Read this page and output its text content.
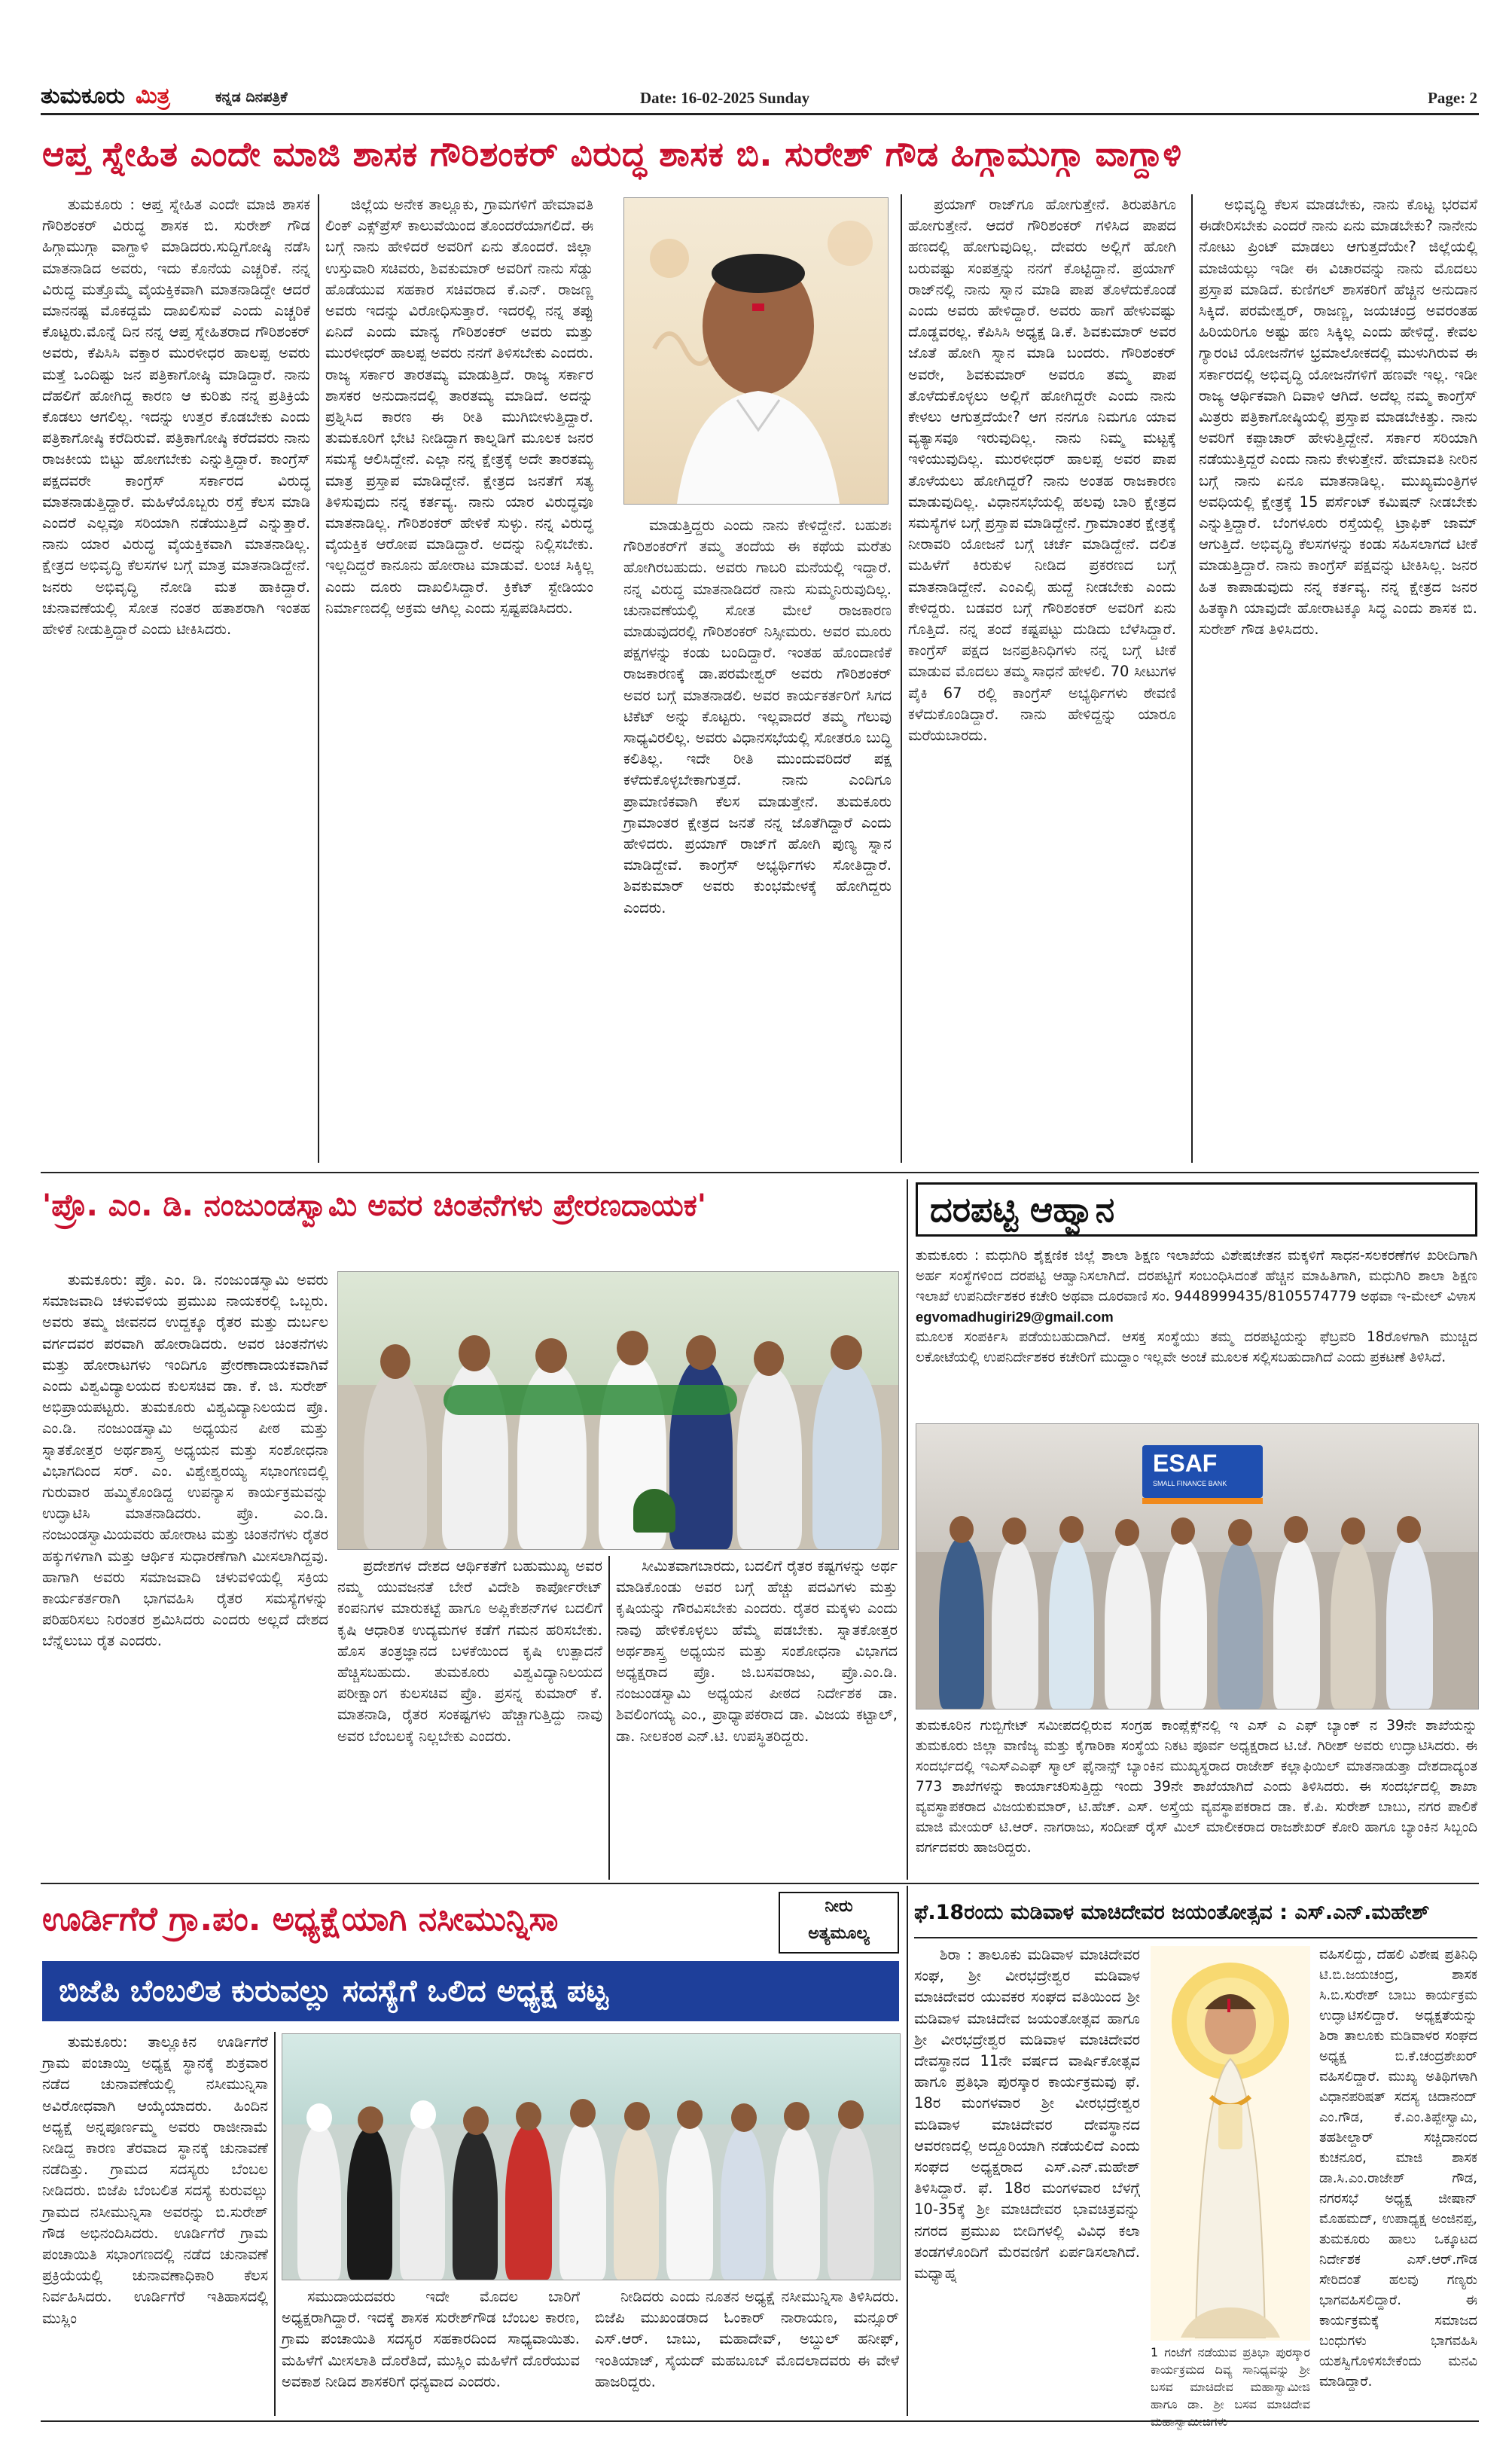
ತುಮಕೂರು ಮಿತ್ರ	ಕನ್ನಡ ದಿನಪತ್ರಿಕೆ	Date: 16-02-2025 Sunday	Page: 2
ಆಪ್ತ ಸ್ನೇಹಿತ ಎಂದೇ ಮಾಜಿ ಶಾಸಕ ಗೌರಿಶಂಕರ್ ವಿರುದ್ಧ ಶಾಸಕ ಬಿ. ಸುರೇಶ್ ಗೌಡ ಹಿಗ್ಗಾಮುಗ್ಗಾ ವಾಗ್ದಾಳಿ

ತುಮಕೂರು : ಆಪ್ತ ಸ್ನೇಹಿತ ಎಂದೇ ಮಾಜಿ ಶಾಸಕ ಗೌರಿಶಂಕರ್ ವಿರುದ್ಧ ಶಾಸಕ ಬಿ. ಸುರೇಶ್ ಗೌಡ ಹಿಗ್ಗಾಮುಗ್ಗಾ ವಾಗ್ದಾಳಿ ಮಾಡಿದರು.ಸುದ್ದಿಗೋಷ್ಠಿ ನಡೆಸಿ ಮಾತನಾಡಿದ ಅವರು, ಇದು ಕೊನೆಯ ಎಚ್ಚರಿಕೆ. ನನ್ನ ವಿರುದ್ಧ ಮತ್ತೊಮ್ಮೆ ವೈಯಕ್ತಿಕವಾಗಿ ಮಾತನಾಡಿದ್ದೇ ಆದರೆ ಮಾನನಷ್ಟ ಮೊಕದ್ದಮೆ ದಾಖಲಿಸುವೆ ಎಂದು ಎಚ್ಚರಿಕೆ ಕೊಟ್ಟರು.ಮೊನ್ನೆ ದಿನ ನನ್ನ ಆಪ್ತ ಸ್ನೇಹಿತರಾದ ಗೌರಿಶಂಕರ್ ಅವರು, ಕೆಪಿಸಿಸಿ ವಕ್ತಾರ ಮುರಳೀಧರ ಹಾಲಪ್ಪ ಅವರು ಮತ್ತೆ ಒಂದಿಷ್ಟು ಜನ ಪತ್ರಿಕಾಗೋಷ್ಠಿ ಮಾಡಿದ್ದಾರೆ. ನಾನು ದೆಹಲಿಗೆ ಹೋಗಿದ್ದ ಕಾರಣ ಆ ಕುರಿತು ನನ್ನ ಪ್ರತಿಕ್ರಿಯೆ ಕೊಡಲು ಆಗಲಿಲ್ಲ. ಇದನ್ನು ಉತ್ತರ ಕೊಡಬೇಕು ಎಂದು ಪತ್ರಿಕಾಗೋಷ್ಠಿ ಕರೆದಿರುವೆ. ಪತ್ರಿಕಾಗೋಷ್ಠಿ ಕರೆದವರು ನಾನು ರಾಜಕೀಯ ಬಿಟ್ಟು ಹೋಗಬೇಕು ಎನ್ನುತ್ತಿದ್ದಾರೆ. ಕಾಂಗ್ರೆಸ್ ಪಕ್ಷದವರೇ ಕಾಂಗ್ರೆಸ್ ಸರ್ಕಾರದ ವಿರುದ್ಧ ಮಾತನಾಡುತ್ತಿದ್ದಾರೆ. ಮಹಿಳೆಯೊಬ್ಬರು ರಸ್ತೆ ಕೆಲಸ ಮಾಡಿ ಎಂದರೆ ಎಲ್ಲವೂ ಸರಿಯಾಗಿ ನಡೆಯುತ್ತಿದೆ ಎನ್ನುತ್ತಾರೆ. ನಾನು ಯಾರ ವಿರುದ್ಧ ವೈಯಕ್ತಿಕವಾಗಿ ಮಾತನಾಡಿಲ್ಲ. ಕ್ಷೇತ್ರದ ಅಭಿವೃದ್ಧಿ ಕೆಲಸಗಳ ಬಗ್ಗೆ ಮಾತ್ರ ಮಾತನಾಡಿದ್ದೇನೆ. ಜನರು ಅಭಿವೃದ್ಧಿ ನೋಡಿ ಮತ ಹಾಕಿದ್ದಾರೆ. ಚುನಾವಣೆಯಲ್ಲಿ ಸೋತ ನಂತರ ಹತಾಶರಾಗಿ ಇಂತಹ ಹೇಳಿಕೆ ನೀಡುತ್ತಿದ್ದಾರೆ ಎಂದು ಟೀಕಿಸಿದರು.

ಜಿಲ್ಲೆಯ ಅನೇಕ ತಾಲ್ಲೂಕು, ಗ್ರಾಮಗಳಿಗೆ ಹೇಮಾವತಿ ಲಿಂಕ್ ಎಕ್ಸ್‌ಪ್ರೆಸ್ ಕಾಲುವೆಯಿಂದ ತೊಂದರೆಯಾಗಲಿದೆ. ಈ ಬಗ್ಗೆ ನಾನು ಹೇಳಿದರೆ ಅವರಿಗೆ ಏನು ತೊಂದರೆ. ಜಿಲ್ಲಾ ಉಸ್ತುವಾರಿ ಸಚಿವರು, ಶಿವಕುಮಾರ್ ಅವರಿಗೆ ನಾನು ಸೆಡ್ಡು ಹೊಡೆಯುವ ಸಹಕಾರ ಸಚಿವರಾದ ಕೆ.ಎನ್. ರಾಜಣ್ಣ ಅವರು ಇದನ್ನು ವಿರೋಧಿಸುತ್ತಾರೆ. ಇದರಲ್ಲಿ ನನ್ನ ತಪ್ಪು ಏನಿದೆ ಎಂದು ಮಾನ್ಯ ಗೌರಿಶಂಕರ್ ಅವರು ಮತ್ತು ಮುರಳೀಧರ್ ಹಾಲಪ್ಪ ಅವರು ನನಗೆ ತಿಳಿಸಬೇಕು ಎಂದರು. ರಾಜ್ಯ ಸರ್ಕಾರ ತಾರತಮ್ಯ ಮಾಡುತ್ತಿದೆ. ರಾಜ್ಯ ಸರ್ಕಾರ ಶಾಸಕರ ಅನುದಾನದಲ್ಲಿ ತಾರತಮ್ಯ ಮಾಡಿದೆ. ಅದನ್ನು ಪ್ರಶ್ನಿಸಿದ ಕಾರಣ ಈ ರೀತಿ ಮುಗಿಬೀಳುತ್ತಿದ್ದಾರೆ. ತುಮಕೂರಿಗೆ ಭೇಟಿ ನೀಡಿದ್ದಾಗ ಕಾಲ್ನಡಿಗೆ ಮೂಲಕ ಜನರ ಸಮಸ್ಯೆ ಆಲಿಸಿದ್ದೇನೆ. ಎಲ್ಲಾ ನನ್ನ ಕ್ಷೇತ್ರಕ್ಕೆ ಅದೇ ತಾರತಮ್ಯ ಮಾತ್ರ ಪ್ರಸ್ತಾಪ ಮಾಡಿದ್ದೇನೆ. ಕ್ಷೇತ್ರದ ಜನತೆಗೆ ಸತ್ಯ ತಿಳಿಸುವುದು ನನ್ನ ಕರ್ತವ್ಯ. ನಾನು ಯಾರ ವಿರುದ್ಧವೂ ಮಾತನಾಡಿಲ್ಲ. ಗೌರಿಶಂಕರ್ ಹೇಳಿಕೆ ಸುಳ್ಳು. ನನ್ನ ವಿರುದ್ಧ ವೈಯಕ್ತಿಕ ಆರೋಪ ಮಾಡಿದ್ದಾರೆ. ಅದನ್ನು ನಿಲ್ಲಿಸಬೇಕು. ಇಲ್ಲದಿದ್ದರೆ ಕಾನೂನು ಹೋರಾಟ ಮಾಡುವೆ. ಲಂಚ ಸಿಕ್ಕಿಲ್ಲ ಎಂದು ದೂರು ದಾಖಲಿಸಿದ್ದಾರೆ. ಕ್ರಿಕೆಟ್ ಸ್ಟೇಡಿಯಂ ನಿರ್ಮಾಣದಲ್ಲಿ ಅಕ್ರಮ ಆಗಿಲ್ಲ ಎಂದು ಸ್ಪಷ್ಟಪಡಿಸಿದರು.

ಮಾಡುತ್ತಿದ್ದರು ಎಂದು ನಾನು ಕೇಳಿದ್ದೇನೆ. ಬಹುಶಃ ಗೌರಿಶಂಕರ್‌ಗೆ ತಮ್ಮ ತಂದೆಯ ಈ ಕಥೆಯ ಮರೆತು ಹೋಗಿರಬಹುದು. ಅವರು ಗಾಬರಿ ಮನೆಯಲ್ಲಿ ಇದ್ದಾರೆ. ನನ್ನ ವಿರುದ್ಧ ಮಾತನಾಡಿದರೆ ನಾನು ಸುಮ್ಮನಿರುವುದಿಲ್ಲ. ಚುನಾವಣೆಯಲ್ಲಿ ಸೋತ ಮೇಲೆ ರಾಜಕಾರಣ ಮಾಡುವುದರಲ್ಲಿ ಗೌರಿಶಂಕರ್ ನಿಸ್ಸೀಮರು. ಅವರ ಮೂರು ಪಕ್ಷಗಳನ್ನು ಕಂಡು ಬಂದಿದ್ದಾರೆ. ಇಂತಹ ಹೊಂದಾಣಿಕೆ ರಾಜಕಾರಣಕ್ಕೆ ಡಾ.ಪರಮೇಶ್ವರ್ ಅವರು ಗೌರಿಶಂಕರ್ ಅವರ ಬಗ್ಗೆ ಮಾತನಾಡಲಿ. ಅವರ ಕಾರ್ಯಕರ್ತರಿಗೆ ಸಿಗದ ಟಿಕೆಟ್ ಅನ್ನು ಕೊಟ್ಟರು. ಇಲ್ಲವಾದರೆ ತಮ್ಮ ಗೆಲುವು ಸಾಧ್ಯವಿರಲಿಲ್ಲ. ಅವರು ವಿಧಾನಸಭೆಯಲ್ಲಿ ಸೋತರೂ ಬುದ್ಧಿ ಕಲಿತಿಲ್ಲ. ಇದೇ ರೀತಿ ಮುಂದುವರಿದರೆ ಪಕ್ಷ ಕಳೆದುಕೊಳ್ಳಬೇಕಾಗುತ್ತದೆ. ನಾನು ಎಂದಿಗೂ ಪ್ರಾಮಾಣಿಕವಾಗಿ ಕೆಲಸ ಮಾಡುತ್ತೇನೆ. ತುಮಕೂರು ಗ್ರಾಮಾಂತರ ಕ್ಷೇತ್ರದ ಜನತೆ ನನ್ನ ಜೊತೆಗಿದ್ದಾರೆ ಎಂದು ಹೇಳಿದರು. ಪ್ರಯಾಗ್ ರಾಜ್‌ಗೆ ಹೋಗಿ ಪುಣ್ಯ ಸ್ನಾನ ಮಾಡಿದ್ದೇವೆ. ಕಾಂಗ್ರೆಸ್ ಅಭ್ಯರ್ಥಿಗಳು ಸೋತಿದ್ದಾರೆ. ಶಿವಕುಮಾರ್ ಅವರು ಕುಂಭಮೇಳಕ್ಕೆ ಹೋಗಿದ್ದರು ಎಂದರು.

ಪ್ರಯಾಗ್ ರಾಜ್‌ಗೂ ಹೋಗುತ್ತೇನೆ. ತಿರುಪತಿಗೂ ಹೋಗುತ್ತೇನೆ. ಆದರೆ ಗೌರಿಶಂಕರ್ ಗಳಿಸಿದ ಪಾಪದ ಹಣದಲ್ಲಿ ಹೋಗುವುದಿಲ್ಲ. ದೇವರು ಅಲ್ಲಿಗೆ ಹೋಗಿ ಬರುವಷ್ಟು ಸಂಪತ್ತನ್ನು ನನಗೆ ಕೊಟ್ಟಿದ್ದಾನೆ. ಪ್ರಯಾಗ್ ರಾಜ್‌ನಲ್ಲಿ ನಾನು ಸ್ನಾನ ಮಾಡಿ ಪಾಪ ತೊಳೆದುಕೊಂಡೆ ಎಂದು ಅವರು ಹೇಳಿದ್ದಾರೆ. ಅವರು ಹಾಗೆ ಹೇಳುವಷ್ಟು ದೊಡ್ಡವರಲ್ಲ. ಕೆಪಿಸಿಸಿ ಅಧ್ಯಕ್ಷ ಡಿ.ಕೆ. ಶಿವಕುಮಾರ್ ಅವರ ಜೊತೆ ಹೋಗಿ ಸ್ನಾನ ಮಾಡಿ ಬಂದರು. ಗೌರಿಶಂಕರ್ ಅವರೇ, ಶಿವಕುಮಾರ್ ಅವರೂ ತಮ್ಮ ಪಾಪ ತೊಳೆದುಕೊಳ್ಳಲು ಅಲ್ಲಿಗೆ ಹೋಗಿದ್ದರೇ ಎಂದು ನಾನು ಕೇಳಲು ಆಗುತ್ತದೆಯೇ? ಆಗ ನನಗೂ ನಿಮಗೂ ಯಾವ ವ್ಯತ್ಯಾಸವೂ ಇರುವುದಿಲ್ಲ. ನಾನು ನಿಮ್ಮ ಮಟ್ಟಕ್ಕೆ ಇಳಿಯುವುದಿಲ್ಲ. ಮುರಳೀಧರ್ ಹಾಲಪ್ಪ ಅವರ ಪಾಪ ತೊಳೆಯಲು ಹೋಗಿದ್ದರೆ? ನಾನು ಅಂತಹ ರಾಜಕಾರಣ ಮಾಡುವುದಿಲ್ಲ. ವಿಧಾನಸಭೆಯಲ್ಲಿ ಹಲವು ಬಾರಿ ಕ್ಷೇತ್ರದ ಸಮಸ್ಯೆಗಳ ಬಗ್ಗೆ ಪ್ರಸ್ತಾಪ ಮಾಡಿದ್ದೇನೆ. ಗ್ರಾಮಾಂತರ ಕ್ಷೇತ್ರಕ್ಕೆ ನೀರಾವರಿ ಯೋಜನೆ ಬಗ್ಗೆ ಚರ್ಚೆ ಮಾಡಿದ್ದೇನೆ. ದಲಿತ ಮಹಿಳೆಗೆ ಕಿರುಕುಳ ನೀಡಿದ ಪ್ರಕರಣದ ಬಗ್ಗೆ ಮಾತನಾಡಿದ್ದೇನೆ. ಎಂಎಲ್ಸಿ ಹುದ್ದೆ ನೀಡಬೇಕು ಎಂದು ಕೇಳಿದ್ದರು. ಬಡವರ ಬಗ್ಗೆ ಗೌರಿಶಂಕರ್ ಅವರಿಗೆ ಏನು ಗೊತ್ತಿದೆ. ನನ್ನ ತಂದೆ ಕಷ್ಟಪಟ್ಟು ದುಡಿದು ಬೆಳೆಸಿದ್ದಾರೆ. ಕಾಂಗ್ರೆಸ್ ಪಕ್ಷದ ಜನಪ್ರತಿನಿಧಿಗಳು ನನ್ನ ಬಗ್ಗೆ ಟೀಕೆ ಮಾಡುವ ಮೊದಲು ತಮ್ಮ ಸಾಧನೆ ಹೇಳಲಿ. 70 ಸೀಟುಗಳ ಪೈಕಿ 67 ರಲ್ಲಿ ಕಾಂಗ್ರೆಸ್ ಅಭ್ಯರ್ಥಿಗಳು ಠೇವಣಿ ಕಳೆದುಕೊಂಡಿದ್ದಾರೆ. ನಾನು ಹೇಳಿದ್ದನ್ನು ಯಾರೂ ಮರೆಯಬಾರದು.

ಅಭಿವೃದ್ಧಿ ಕೆಲಸ ಮಾಡಬೇಕು, ನಾನು ಕೊಟ್ಟ ಭರವಸೆ ಈಡೇರಿಸಬೇಕು ಎಂದರೆ ನಾನು ಏನು ಮಾಡಬೇಕು? ನಾನೇನು ನೋಟು ಪ್ರಿಂಟ್ ಮಾಡಲು ಆಗುತ್ತದೆಯೇ? ಜಿಲ್ಲೆಯಲ್ಲಿ ಮಾಜಿಯಲ್ಲು ಇಡೀ ಈ ವಿಚಾರವನ್ನು ನಾನು ಮೊದಲು ಪ್ರಸ್ತಾಪ ಮಾಡಿದೆ. ಕುಣಿಗಲ್ ಶಾಸಕರಿಗೆ ಹೆಚ್ಚಿನ ಅನುದಾನ ಸಿಕ್ಕಿದೆ. ಪರಮೇಶ್ವರ್, ರಾಜಣ್ಣ, ಜಯಚಂದ್ರ ಅವರಂತಹ ಹಿರಿಯರಿಗೂ ಅಷ್ಟು ಹಣ ಸಿಕ್ಕಿಲ್ಲ ಎಂದು ಹೇಳಿದ್ದೆ. ಕೇವಲ ಗ್ಯಾರಂಟಿ ಯೋಜನೆಗಳ ಭ್ರಮಾಲೋಕದಲ್ಲಿ ಮುಳುಗಿರುವ ಈ ಸರ್ಕಾರದಲ್ಲಿ ಅಭಿವೃದ್ಧಿ ಯೋಜನೆಗಳಿಗೆ ಹಣವೇ ಇಲ್ಲ. ಇಡೀ ರಾಜ್ಯ ಆರ್ಥಿಕವಾಗಿ ದಿವಾಳಿ ಆಗಿದೆ. ಅದೆಲ್ಲ ನಮ್ಮ ಕಾಂಗ್ರೆಸ್ ಮಿತ್ರರು ಪತ್ರಿಕಾಗೋಷ್ಠಿಯಲ್ಲಿ ಪ್ರಸ್ತಾಪ ಮಾಡಬೇಕಿತ್ತು. ನಾನು ಅವರಿಗೆ ಕಪ್ಪಾಚಾರ್ ಹೇಳುತ್ತಿದ್ದೇನೆ. ಸರ್ಕಾರ ಸರಿಯಾಗಿ ನಡೆಯುತ್ತಿದ್ದರೆ ಎಂದು ನಾನು ಕೇಳುತ್ತೇನೆ. ಹೇಮಾವತಿ ನೀರಿನ ಬಗ್ಗೆ ನಾನು ಏನೂ ಮಾತನಾಡಿಲ್ಲ. ಮುಖ್ಯಮಂತ್ರಿಗಳ ಅವಧಿಯಲ್ಲಿ ಕ್ಷೇತ್ರಕ್ಕೆ 15 ಪರ್ಸೆಂಟ್ ಕಮಿಷನ್ ನೀಡಬೇಕು ಎನ್ನುತ್ತಿದ್ದಾರೆ. ಬೆಂಗಳೂರು ರಸ್ತೆಯಲ್ಲಿ ಟ್ರಾಫಿಕ್ ಜಾಮ್ ಆಗುತ್ತಿದೆ. ಅಭಿವೃದ್ಧಿ ಕೆಲಸಗಳನ್ನು ಕಂಡು ಸಹಿಸಲಾಗದೆ ಟೀಕೆ ಮಾಡುತ್ತಿದ್ದಾರೆ. ನಾನು ಕಾಂಗ್ರೆಸ್ ಪಕ್ಷವನ್ನು ಟೀಕಿಸಿಲ್ಲ. ಜನರ ಹಿತ ಕಾಪಾಡುವುದು ನನ್ನ ಕರ್ತವ್ಯ. ನನ್ನ ಕ್ಷೇತ್ರದ ಜನರ ಹಿತಕ್ಕಾಗಿ ಯಾವುದೇ ಹೋರಾಟಕ್ಕೂ ಸಿದ್ಧ ಎಂದು ಶಾಸಕ ಬಿ. ಸುರೇಶ್ ಗೌಡ ತಿಳಿಸಿದರು.

'ಪ್ರೊ. ಎಂ. ಡಿ. ನಂಜುಂಡಸ್ವಾಮಿ ಅವರ ಚಿಂತನೆಗಳು ಪ್ರೇರಣದಾಯಕ'

ತುಮಕೂರು: ಪ್ರೊ. ಎಂ. ಡಿ. ನಂಜುಂಡಸ್ವಾಮಿ ಅವರು ಸಮಾಜವಾದಿ ಚಳುವಳಿಯ ಪ್ರಮುಖ ನಾಯಕರಲ್ಲಿ ಒಬ್ಬರು. ಅವರು ತಮ್ಮ ಜೀವನದ ಉದ್ದಕ್ಕೂ ರೈತರ ಮತ್ತು ದುರ್ಬಲ ವರ್ಗದವರ ಪರವಾಗಿ ಹೋರಾಡಿದರು. ಅವರ ಚಿಂತನೆಗಳು ಮತ್ತು ಹೋರಾಟಗಳು ಇಂದಿಗೂ ಪ್ರೇರಣಾದಾಯಕವಾಗಿವೆ ಎಂದು ವಿಶ್ವವಿದ್ಯಾಲಯದ ಕುಲಸಚಿವ ಡಾ. ಕೆ. ಜಿ. ಸುರೇಶ್ ಅಭಿಪ್ರಾಯಪಟ್ಟರು. ತುಮಕೂರು ವಿಶ್ವವಿದ್ಯಾನಿಲಯದ ಪ್ರೊ. ಎಂ.ಡಿ. ನಂಜುಂಡಸ್ವಾಮಿ ಅಧ್ಯಯನ ಪೀಠ ಮತ್ತು ಸ್ನಾತಕೋತ್ತರ ಅರ್ಥಶಾಸ್ತ್ರ ಅಧ್ಯಯನ ಮತ್ತು ಸಂಶೋಧನಾ ವಿಭಾಗದಿಂದ ಸರ್. ಎಂ. ವಿಶ್ವೇಶ್ವರಯ್ಯ ಸಭಾಂಗಣದಲ್ಲಿ ಗುರುವಾರ ಹಮ್ಮಿಕೊಂಡಿದ್ದ ಉಪನ್ಯಾಸ ಕಾರ್ಯಕ್ರಮವನ್ನು ಉದ್ಘಾಟಿಸಿ ಮಾತನಾಡಿದರು. ಪ್ರೊ. ಎಂ.ಡಿ. ನಂಜುಂಡಸ್ವಾಮಿಯವರು ಹೋರಾಟ ಮತ್ತು ಚಿಂತನೆಗಳು ರೈತರ ಹಕ್ಕುಗಳಿಗಾಗಿ ಮತ್ತು ಆರ್ಥಿಕ ಸುಧಾರಣೆಗಾಗಿ ಮೀಸಲಾಗಿದ್ದವು. ಹಾಗಾಗಿ ಅವರು ಸಮಾಜವಾದಿ ಚಳುವಳಿಯಲ್ಲಿ ಸಕ್ರಿಯ ಕಾರ್ಯಕರ್ತರಾಗಿ ಭಾಗವಹಿಸಿ ರೈತರ ಸಮಸ್ಯೆಗಳನ್ನು ಪರಿಹರಿಸಲು ನಿರಂತರ ಶ್ರಮಿಸಿದರು ಎಂದರು ಅಲ್ಲದೆ ದೇಶದ ಬೆನ್ನೆಲುಬು ರೈತ ಎಂದರು.

ಪ್ರದೇಶಗಳ ದೇಶದ ಆರ್ಥಿಕತೆಗೆ ಬಹುಮುಖ್ಯ ಅವರ ನಮ್ಮ ಯುವಜನತೆ ಬೇರೆ ವಿದೇಶಿ ಕಾರ್ಪೋರೇಟ್ ಕಂಪನಿಗಳ ಮಾರುಕಟ್ಟೆ ಹಾಗೂ ಅಪ್ಲಿಕೇಶನ್‌ಗಳ ಬದಲಿಗೆ ಕೃಷಿ ಆಧಾರಿತ ಉದ್ಯಮಗಳ ಕಡೆಗೆ ಗಮನ ಹರಿಸಬೇಕು. ಹೊಸ ತಂತ್ರಜ್ಞಾನದ ಬಳಕೆಯಿಂದ ಕೃಷಿ ಉತ್ಪಾದನೆ ಹೆಚ್ಚಿಸಬಹುದು. ತುಮಕೂರು ವಿಶ್ವವಿದ್ಯಾನಿಲಯದ ಪರೀಕ್ಷಾಂಗ ಕುಲಸಚಿವ ಪ್ರೊ. ಪ್ರಸನ್ನ ಕುಮಾರ್ ಕೆ. ಮಾತನಾಡಿ, ರೈತರ ಸಂಕಷ್ಟಗಳು ಹೆಚ್ಚಾಗುತ್ತಿದ್ದು ನಾವು ಅವರ ಬೆಂಬಲಕ್ಕೆ ನಿಲ್ಲಬೇಕು ಎಂದರು.

ಸೀಮಿತವಾಗಬಾರದು, ಬದಲಿಗೆ ರೈತರ ಕಷ್ಟಗಳನ್ನು ಅರ್ಥ ಮಾಡಿಕೊಂಡು ಅವರ ಬಗ್ಗೆ ಹೆಚ್ಚು ಪದವಿಗಳು ಮತ್ತು ಕೃಷಿಯನ್ನು ಗೌರವಿಸಬೇಕು ಎಂದರು. ರೈತರ ಮಕ್ಕಳು ಎಂದು ನಾವು ಹೇಳಿಕೊಳ್ಳಲು ಹೆಮ್ಮೆ ಪಡಬೇಕು. ಸ್ನಾತಕೋತ್ತರ ಅರ್ಥಶಾಸ್ತ್ರ ಅಧ್ಯಯನ ಮತ್ತು ಸಂಶೋಧನಾ ವಿಭಾಗದ ಅಧ್ಯಕ್ಷರಾದ ಪ್ರೊ. ಜಿ.ಬಸವರಾಜು, ಪ್ರೊ.ಎಂ.ಡಿ. ನಂಜುಂಡಸ್ವಾಮಿ ಅಧ್ಯಯನ ಪೀಠದ ನಿರ್ದೇಶಕ ಡಾ. ಶಿವಲಿಂಗಯ್ಯ ಎಂ., ಪ್ರಾಧ್ಯಾಪಕರಾದ ಡಾ. ವಿಜಯ ಕಟ್ಟಾಲ್, ಡಾ. ನೀಲಕಂಠ ಎನ್.ಟಿ. ಉಪಸ್ಥಿತರಿದ್ದರು.

ದರಪಟ್ಟಿ ಆಹ್ವಾನ

ತುಮಕೂರು : ಮಧುಗಿರಿ ಶೈಕ್ಷಣಿಕ ಜಿಲ್ಲೆ ಶಾಲಾ ಶಿಕ್ಷಣ ಇಲಾಖೆಯ ವಿಶೇಷಚೇತನ ಮಕ್ಕಳಿಗೆ ಸಾಧನ-ಸಲಕರಣೆಗಳ ಖರೀದಿಗಾಗಿ ಅರ್ಹ ಸಂಸ್ಥೆಗಳಿಂದ ದರಪಟ್ಟಿ ಆಹ್ವಾನಿಸಲಾಗಿದೆ. ದರಪಟ್ಟಿಗೆ ಸಂಬಂಧಿಸಿದಂತೆ ಹೆಚ್ಚಿನ ಮಾಹಿತಿಗಾಗಿ, ಮಧುಗಿರಿ ಶಾಲಾ ಶಿಕ್ಷಣ ಇಲಾಖೆ ಉಪನಿರ್ದೇಶಕರ ಕಚೇರಿ ಅಥವಾ ದೂರವಾಣಿ ಸಂ. 9448999435/8105574779 ಅಥವಾ ಇ-ಮೇಲ್ ವಿಳಾಸ

egvomadhugiri29@gmail.com

ಮೂಲಕ ಸಂಪರ್ಕಿಸಿ ಪಡೆಯಬಹುದಾಗಿದೆ. ಆಸಕ್ತ ಸಂಸ್ಥೆಯು ತಮ್ಮ ದರಪಟ್ಟಿಯನ್ನು ಫೆಬ್ರವರಿ 18ರೊಳಗಾಗಿ ಮುಚ್ಚಿದ ಲಕೋಟೆಯಲ್ಲಿ ಉಪನಿರ್ದೇಶಕರ ಕಚೇರಿಗೆ ಮುದ್ದಾಂ ಇಲ್ಲವೇ ಅಂಚೆ ಮೂಲಕ ಸಲ್ಲಿಸಬಹುದಾಗಿದೆ ಎಂದು ಪ್ರಕಟಣೆ ತಿಳಿಸಿದೆ.

ESAF
SMALL FINANCE BANK

ತುಮಕೂರಿನ ಗುಬ್ಬಿಗೇಟ್ ಸಮೀಪದಲ್ಲಿರುವ ಸಂಗ್ರಹ ಕಾಂಪ್ಲೆಕ್ಸ್‌ನಲ್ಲಿ ಇ ಎಸ್ ಎ ಎಫ್ ಬ್ಯಾಂಕ್ ನ 39ನೇ ಶಾಖೆಯನ್ನು ತುಮಕೂರು ಜಿಲ್ಲಾ ವಾಣಿಜ್ಯ ಮತ್ತು ಕೈಗಾರಿಕಾ ಸಂಸ್ಥೆಯ ನಿಕಟ ಪೂರ್ವ ಅಧ್ಯಕ್ಷರಾದ ಟಿ.ಜೆ. ಗಿರೀಶ್ ಅವರು ಉದ್ಘಾಟಿಸಿದರು. ಈ ಸಂದರ್ಭದಲ್ಲಿ ಇಎಸ್ಎಎಫ್ ಸ್ಮಾಲ್ ಫೈನಾನ್ಸ್ ಬ್ಯಾಂಕಿನ ಮುಖ್ಯಸ್ಥರಾದ ರಾಜೇಶ್ ಕಲ್ಲಾಫಿಯಿಲ್ ಮಾತನಾಡುತ್ತಾ ದೇಶದಾದ್ಯಂತ 773 ಶಾಖೆಗಳನ್ನು ಕಾರ್ಯಾಚರಿಸುತ್ತಿದ್ದು ಇಂದು 39ನೇ ಶಾಖೆಯಾಗಿದೆ ಎಂದು ತಿಳಿಸಿದರು. ಈ ಸಂದರ್ಭದಲ್ಲಿ ಶಾಖಾ ವ್ಯವಸ್ಥಾಪಕರಾದ ವಿಜಯಕುಮಾರ್, ಟಿ.ಹೆಚ್. ಎಸ್. ಅಸ್ತ್ರೆಯ ವ್ಯವಸ್ಥಾಪಕರಾದ ಡಾ. ಕೆ.ಪಿ. ಸುರೇಶ್ ಬಾಬು, ನಗರ ಪಾಲಿಕೆ ಮಾಜಿ ಮೇಯರ್ ಟಿ.ಆರ್. ನಾಗರಾಜು, ಸಂದೀಪ್ ರೈಸ್ ಮಿಲ್ ಮಾಲೀಕರಾದ ರಾಜಶೇಖರ್ ಕೋರಿ ಹಾಗೂ ಬ್ಯಾಂಕಿನ ಸಿಬ್ಬಂದಿ ವರ್ಗದವರು ಹಾಜರಿದ್ದರು.

ಊರ್ಡಿಗೆರೆ ಗ್ರಾ.ಪಂ. ಅಧ್ಯಕ್ಷೆಯಾಗಿ ನಸೀಮುನ್ನಿಸಾ	ನೀರು
ಅತ್ಯಮೂಲ್ಯ
ಬಿಜೆಪಿ ಬೆಂಬಲಿತ ಕುರುವಲ್ಲು ಸದಸ್ಯೆಗೆ ಒಲಿದ ಅಧ್ಯಕ್ಷ ಪಟ್ಟ

ತುಮಕೂರು: ತಾಲ್ಲೂಕಿನ ಊರ್ಡಿಗೆರೆ ಗ್ರಾಮ ಪಂಚಾಯ್ತಿ ಅಧ್ಯಕ್ಷ ಸ್ಥಾನಕ್ಕೆ ಶುಕ್ರವಾರ ನಡೆದ ಚುನಾವಣೆಯಲ್ಲಿ ನಸೀಮುನ್ನಿಸಾ ಅವಿರೋಧವಾಗಿ ಆಯ್ಕೆಯಾದರು. ಹಿಂದಿನ ಅಧ್ಯಕ್ಷೆ ಅನ್ನಪೂರ್ಣಮ್ಮ ಅವರು ರಾಜೀನಾಮೆ ನೀಡಿದ್ದ ಕಾರಣ ತೆರವಾದ ಸ್ಥಾನಕ್ಕೆ ಚುನಾವಣೆ ನಡೆದಿತ್ತು. ಗ್ರಾಮದ ಸದಸ್ಯರು ಬೆಂಬಲ ನೀಡಿದರು. ಬಿಜೆಪಿ ಬೆಂಬಲಿತ ಸದಸ್ಯೆ ಕುರುವಲ್ಲು ಗ್ರಾಮದ ನಸೀಮುನ್ನಿಸಾ ಅವರನ್ನು ಬಿ.ಸುರೇಶ್ ಗೌಡ ಅಭಿನಂದಿಸಿದರು. ಊರ್ಡಿಗೆರೆ ಗ್ರಾಮ ಪಂಚಾಯಿತಿ ಸಭಾಂಗಣದಲ್ಲಿ ನಡೆದ ಚುನಾವಣೆ ಪ್ರಕ್ರಿಯೆಯಲ್ಲಿ ಚುನಾವಣಾಧಿಕಾರಿ ಕೆಲಸ ನಿರ್ವಹಿಸಿದರು. ಊರ್ಡಿಗೆರೆ ಇತಿಹಾಸದಲ್ಲಿ ಮುಸ್ಲಿಂ

ಸಮುದಾಯದವರು ಇದೇ ಮೊದಲ ಬಾರಿಗೆ ಅಧ್ಯಕ್ಷರಾಗಿದ್ದಾರೆ. ಇದಕ್ಕೆ ಶಾಸಕ ಸುರೇಶ್‌ಗೌಡ ಬೆಂಬಲ ಕಾರಣ, ಗ್ರಾಮ ಪಂಚಾಯಿತಿ ಸದಸ್ಯರ ಸಹಕಾರದಿಂದ ಸಾಧ್ಯವಾಯಿತು. ಮಹಿಳೆಗೆ ಮೀಸಲಾತಿ ದೊರೆತಿದೆ, ಮುಸ್ಲಿಂ ಮಹಿಳೆಗೆ ದೊರೆಯುವ ಅವಕಾಶ ನೀಡಿದ ಶಾಸಕರಿಗೆ ಧನ್ಯವಾದ ಎಂದರು.

ನೀಡಿದರು ಎಂದು ನೂತನ ಅಧ್ಯಕ್ಷೆ ನಸೀಮುನ್ನಿಸಾ ತಿಳಿಸಿದರು. ಬಿಜೆಪಿ ಮುಖಂಡರಾದ ಓಂಕಾರ್ ನಾರಾಯಣ, ಮನ್ಸೂರ್ ಎಸ್.ಆರ್. ಬಾಬು, ಮಹಾದೇವ್, ಅಬ್ದುಲ್ ಹನೀಫ್, ಇಂತಿಯಾಜ್, ಸೈಯದ್ ಮಹಬೂಬ್ ಮೊದಲಾದವರು ಈ ವೇಳೆ ಹಾಜರಿದ್ದರು.

ಫೆ.18ರಂದು ಮಡಿವಾಳ ಮಾಚಿದೇವರ ಜಯಂತೋತ್ಸವ : ಎಸ್.ಎನ್.ಮಹೇಶ್

ಶಿರಾ : ತಾಲೂಕು ಮಡಿವಾಳ ಮಾಚಿದೇವರ ಸಂಘ, ಶ್ರೀ ವೀರಭದ್ರೇಶ್ವರ ಮಡಿವಾಳ ಮಾಚಿದೇವರ ಯುವಕರ ಸಂಘದ ವತಿಯಿಂದ ಶ್ರೀ ಮಡಿವಾಳ ಮಾಚಿದೇವ ಜಯಂತೋತ್ಸವ ಹಾಗೂ ಶ್ರೀ ವೀರಭದ್ರೇಶ್ವರ ಮಡಿವಾಳ ಮಾಚಿದೇವರ ದೇವಸ್ಥಾನದ 11ನೇ ವರ್ಷದ ವಾರ್ಷಿಕೋತ್ಸವ ಹಾಗೂ ಪ್ರತಿಭಾ ಪುರಸ್ಕಾರ ಕಾರ್ಯಕ್ರಮವು ಫೆ. 18ರ ಮಂಗಳವಾರ ಶ್ರೀ ವೀರಭದ್ರೇಶ್ವರ ಮಡಿವಾಳ ಮಾಚಿದೇವರ ದೇವಸ್ಥಾನದ ಆವರಣದಲ್ಲಿ ಅದ್ದೂರಿಯಾಗಿ ನಡೆಯಲಿದೆ ಎಂದು ಸಂಘದ ಅಧ್ಯಕ್ಷರಾದ ಎಸ್.ಎನ್.ಮಹೇಶ್ ತಿಳಿಸಿದ್ದಾರೆ. ಫೆ. 18ರ ಮಂಗಳವಾರ ಬೆಳಗ್ಗೆ 10-35ಕ್ಕೆ ಶ್ರೀ ಮಾಚಿದೇವರ ಭಾವಚಿತ್ರವನ್ನು ನಗರದ ಪ್ರಮುಖ ಬೀದಿಗಳಲ್ಲಿ ವಿವಿಧ ಕಲಾ ತಂಡಗಳೊಂದಿಗೆ ಮೆರವಣಿಗೆ ಏರ್ಪಡಿಸಲಾಗಿದೆ. ಮಧ್ಯಾಹ್ನ

1 ಗಂಟೆಗೆ ನಡೆಯುವ ಪ್ರತಿಭಾ ಪುರಸ್ಕಾರ ಕಾರ್ಯಕ್ರಮದ ದಿವ್ಯ ಸಾನಿಧ್ಯವನ್ನು ಶ್ರೀ ಬಸವ ಮಾಚಿದೇವ ಮಹಾಸ್ವಾಮೀಜಿ ಹಾಗೂ ಡಾ. ಶ್ರೀ ಬಸವ ಮಾಚಿದೇವ

ವಹಿಸಲಿದ್ದು, ದೆಹಲಿ ವಿಶೇಷ ಪ್ರತಿನಿಧಿ ಟಿ.ಬಿ.ಜಯಚಂದ್ರ, ಶಾಸಕ ಸಿ.ಬಿ.ಸುರೇಶ್ ಬಾಬು ಕಾರ್ಯಕ್ರಮ ಉದ್ಘಾಟಿಸಲಿದ್ದಾರೆ. ಅಧ್ಯಕ್ಷತೆಯನ್ನು ಶಿರಾ ತಾಲೂಕು ಮಡಿವಾಳರ ಸಂಘದ ಅಧ್ಯಕ್ಷ ಬಿ.ಕೆ.ಚಂದ್ರಶೇಖರ್ ವಹಿಸಲಿದ್ದಾರೆ. ಮುಖ್ಯ ಅತಿಥಿಗಳಾಗಿ ವಿಧಾನಪರಿಷತ್ ಸದಸ್ಯ ಚಿದಾನಂದ್ ಎಂ.ಗೌಡ, ಕೆ.ಎಂ.ತಿಪ್ಪೇಸ್ವಾಮಿ, ತಹಶೀಲ್ದಾರ್ ಸಚ್ಚಿದಾನಂದ ಕುಚನೂರ, ಮಾಜಿ ಶಾಸಕ ಡಾ.ಸಿ.ಎಂ.ರಾಜೇಶ್ ಗೌಡ, ನಗರಸಭೆ ಅಧ್ಯಕ್ಷ ಜೀಷಾನ್ ಮೊಹಮದ್, ಉಪಾಧ್ಯಕ್ಷ ಅಂಜಿನಪ್ಪ, ತುಮಕೂರು ಹಾಲು ಒಕ್ಕೂಟದ ನಿರ್ದೇಶಕ ಎಸ್.ಆರ್.ಗೌಡ ಸೇರಿದಂತೆ ಹಲವು ಗಣ್ಯರು ಭಾಗವಹಿಸಲಿದ್ದಾರೆ. ಈ ಕಾರ್ಯಕ್ರಮಕ್ಕೆ ಸಮಾಜದ ಬಂಧುಗಳು ಭಾಗವಹಿಸಿ ಯಶಸ್ವಿಗೊಳಿಸಬೇಕೆಂದು ಮನವಿ ಮಾಡಿದ್ದಾರೆ.
